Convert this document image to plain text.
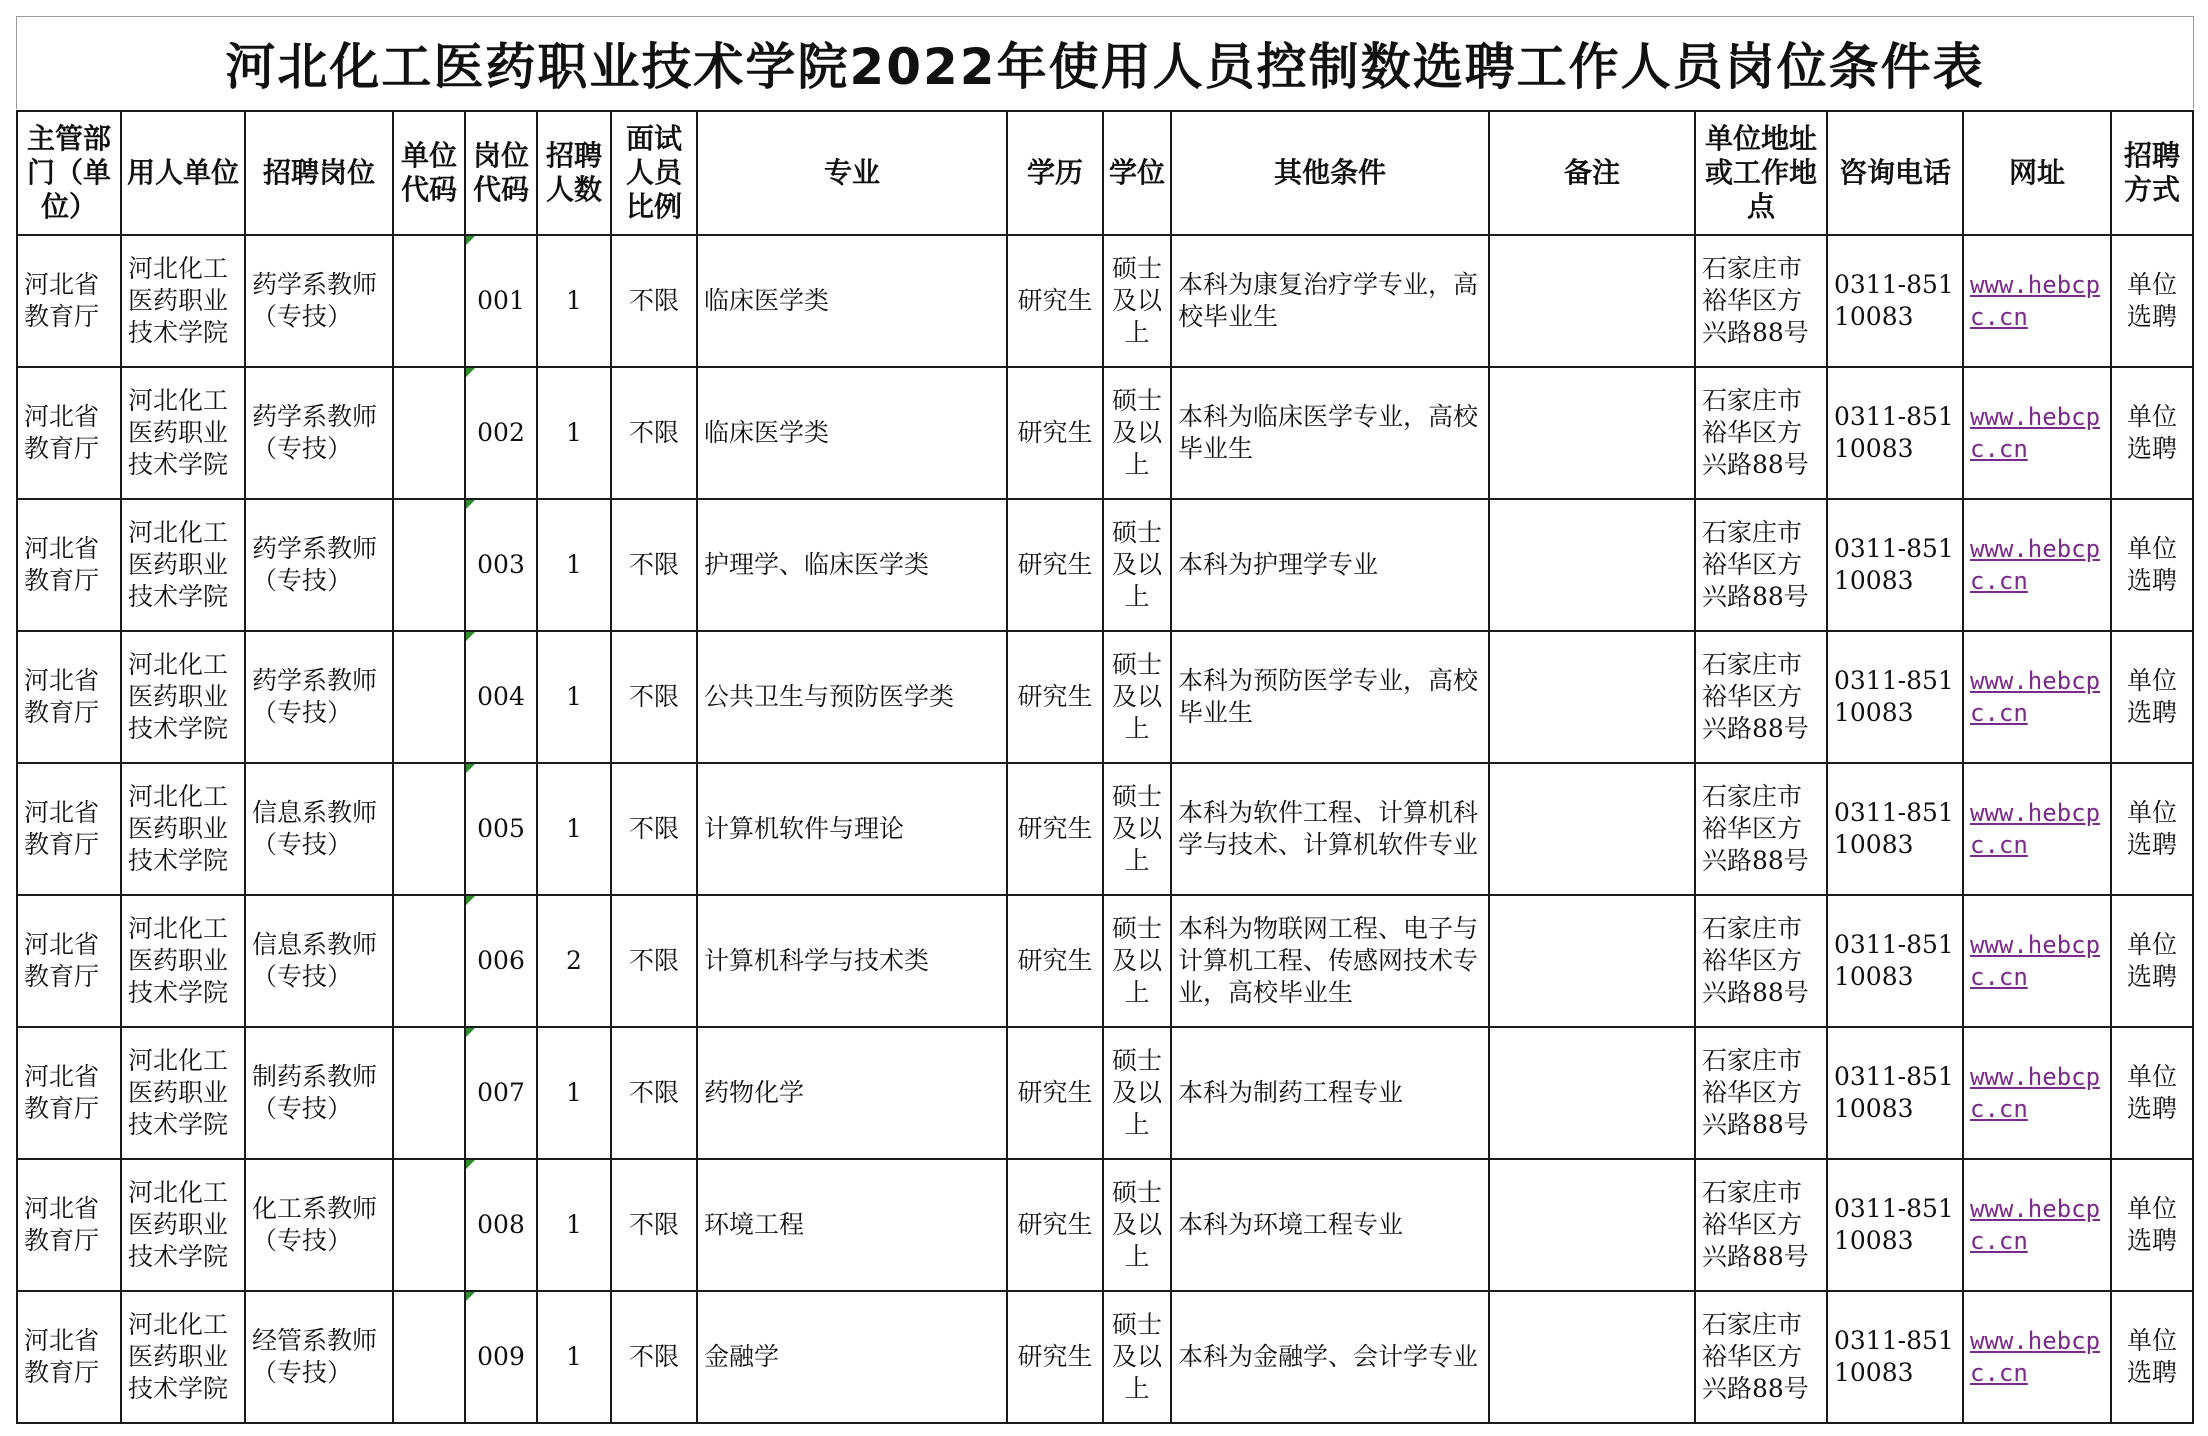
河北化工医药职业技术学院2022年使用人员控制数选聘工作人员岗位条件表
主管部门（单位）	用人单位	招聘岗位	单位代码	岗位代码	招聘人数	面试人员比例	专业	学历	学位	其他条件	备注	单位地址或工作地点	咨询电话	网址	招聘方式

河北省教育厅	河北化工医药职业技术学院	药学系教师（专技）		001	1	不限	临床医学类	研究生	硕士及以上	本科为康复治疗学专业，高校毕业生		石家庄市裕华区方兴路88号	0311-85110083	www.hebcpc.cn	单位选聘
河北省教育厅	河北化工医药职业技术学院	药学系教师（专技）		002	1	不限	临床医学类	研究生	硕士及以上	本科为临床医学专业，高校毕业生		石家庄市裕华区方兴路88号	0311-85110083	www.hebcpc.cn	单位选聘
河北省教育厅	河北化工医药职业技术学院	药学系教师（专技）		003	1	不限	护理学、临床医学类	研究生	硕士及以上	本科为护理学专业		石家庄市裕华区方兴路88号	0311-85110083	www.hebcpc.cn	单位选聘
河北省教育厅	河北化工医药职业技术学院	药学系教师（专技）		004	1	不限	公共卫生与预防医学类	研究生	硕士及以上	本科为预防医学专业，高校毕业生		石家庄市裕华区方兴路88号	0311-85110083	www.hebcpc.cn	单位选聘
河北省教育厅	河北化工医药职业技术学院	信息系教师（专技）		005	1	不限	计算机软件与理论	研究生	硕士及以上	本科为软件工程、计算机科学与技术、计算机软件专业		石家庄市裕华区方兴路88号	0311-85110083	www.hebcpc.cn	单位选聘
河北省教育厅	河北化工医药职业技术学院	信息系教师（专技）		006	2	不限	计算机科学与技术类	研究生	硕士及以上	本科为物联网工程、电子与计算机工程、传感网技术专业，高校毕业生		石家庄市裕华区方兴路88号	0311-85110083	www.hebcpc.cn	单位选聘
河北省教育厅	河北化工医药职业技术学院	制药系教师（专技）		007	1	不限	药物化学	研究生	硕士及以上	本科为制药工程专业		石家庄市裕华区方兴路88号	0311-85110083	www.hebcpc.cn	单位选聘
河北省教育厅	河北化工医药职业技术学院	化工系教师（专技）		008	1	不限	环境工程	研究生	硕士及以上	本科为环境工程专业		石家庄市裕华区方兴路88号	0311-85110083	www.hebcpc.cn	单位选聘
河北省教育厅	河北化工医药职业技术学院	经管系教师（专技）		009	1	不限	金融学	研究生	硕士及以上	本科为金融学、会计学专业		石家庄市裕华区方兴路88号	0311-85110083	www.hebcpc.cn	单位选聘
